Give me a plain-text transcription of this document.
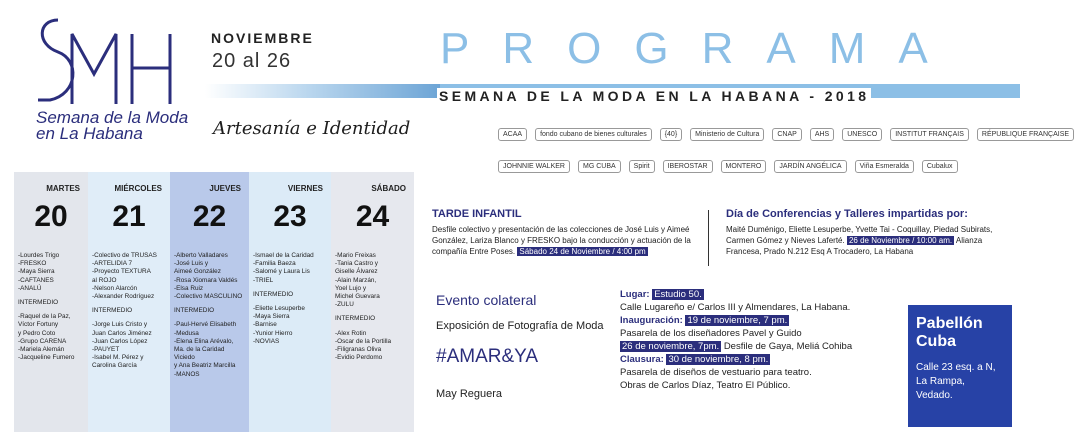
Semana de la Moda
en La Habana
NOVIEMBRE
20 al 26
Artesanía e Identidad
PROGRAMA
SEMANA DE LA MODA EN LA HABANA - 2018
ACAA	fondo cubano de bienes culturales	{40}	Ministerio de Cultura	CNAP	AHS	UNESCO	INSTITUT FRANÇAIS	RÉPUBLIQUE FRANÇAISE
JOHNNIE WALKER	MG CUBA	Spirit	IBEROSTAR	MONTERO	JARDÍN ANGÉLICA	Viña Esmeralda	Cubalux
MARTES
20
-Lourdes Trigo
-FRESKO
-Maya Sierra
-CAFTANES
-ANALÚ
INTERMEDIO
-Raquel de la Paz,
Víctor Fortuny
y Pedro Coto
-Grupo CARENA
-Mariela Alemán
-Jacqueline Fumero
MIÉRCOLES
21
-Colectivo de TRUSAS
-ARTELIDIA 7
-Proyecto TEXTURA
al ROJO
-Nelson Alarcón
-Alexander Rodríguez
INTERMEDIO
-Jorge Luis Cristo y
Juan Carlos Jiménez
-Juan Carlos López
-PAUYET
-Isabel M. Pérez y
Carolina García
JUEVES
22
-Alberto Valladares
-José Luis y
Aimeé González
-Rosa Xiomara Valdés
-Elsa Ruiz
-Colectivo MASCULINO
INTERMEDIO
-Paul-Hervé Elisabeth
-Medusa
-Elena Elina Arévalo,
Ma. de la Caridad Viciedo
y Ana Beatriz Marcilla
-MANOS
VIERNES
23
-Ismael de la Caridad
-Familia Baeza
-Salomé y Laura Lis
-TRIEL
INTERMEDIO
-Eliette Lesuperbe
-Maya Sierra
-Barnise
-Yunior Hierro
-NOVIAS
SÁBADO
24
-Mario Freixas
-Tania Castro y
Giselle Álvarez
-Alain Marzán,
Yoel Lujo y
Michel Guevara
-ZULU
INTERMEDIO
-Alex Rotin
-Oscar de la Portilla
-Filigranas Oliva
-Evidio Perdomo
TARDE INFANTIL
Desfile colectivo y presentación de las colecciones de José Luis y Aimeé González, Lariza Blanco y FRESKO bajo la conducción y actuación de la compañía Entre Poses. Sábado 24 de Noviembre / 4:00 pm
Día de Conferencias y Talleres impartidas por:
Maité Duménigo, Eliette Lesuperbe, Yvette Tai - Coquillay, Piedad Subirats, Carmen Gómez y Nieves Laferté. 26 de Noviembre / 10:00 am. Alianza Francesa, Prado N.212 Esq A Trocadero, La Habana
Evento colateral
Exposición de Fotografía de Moda
#AMAR&YA
May Reguera
Lugar: Estudio 50.
Calle Lugareño e/ Carlos III y Almendares, La Habana.
Inauguración: 19 de noviembre, 7 pm.
Pasarela de los diseñadores Pavel y Guido
26 de noviembre, 7pm. Desfile de Gaya, Meliá Cohiba
Clausura: 30 de noviembre, 8 pm.
Pasarela de diseños de vestuario para teatro.
Obras de Carlos Díaz, Teatro El Público.
Pabellón
Cuba
Calle 23 esq. a N,
La Rampa, Vedado.
